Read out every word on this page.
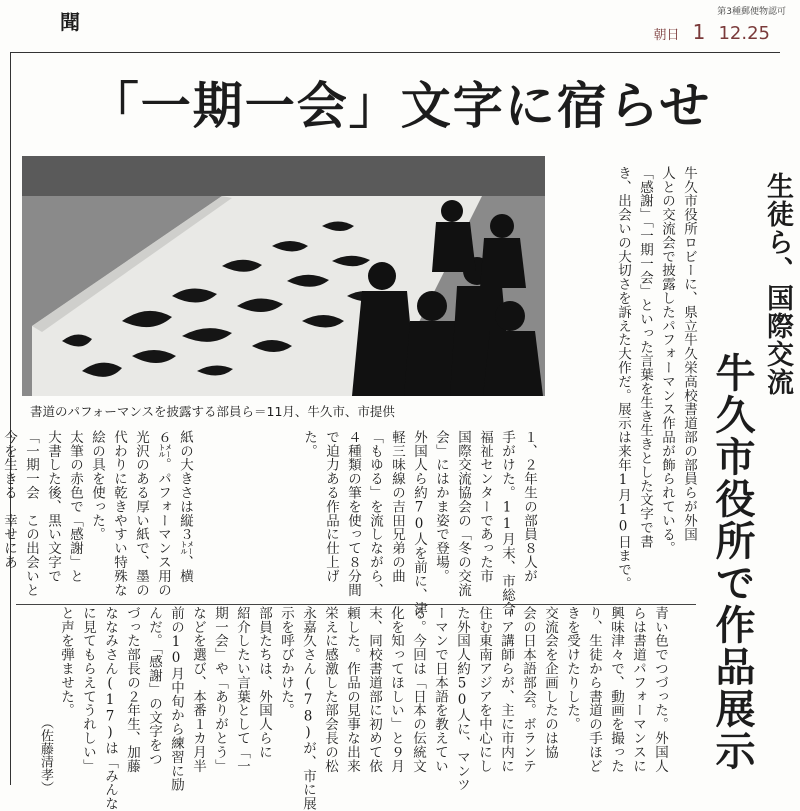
聞	第3種郵便物認可
朝日 1 12.25
「一期一会」文字に宿らせ
書道のパフォーマンスを披露する部員ら＝11月、牛久市、市提供
生徒ら、国際交流
牛久市役所で作品展示
牛久市役所ロビーに、県立牛久栄高校書道部の部員らが外国
人との交流会で披露したパフォーマンス作品が飾られている。
「感謝」「一期一会」といった言葉を生き生きとした文字で書
き、出会いの大切さを訴えた大作だ。展示は来年1月10日まで。
１、２年生の部員８人が
手がけた。11月末、市総合
福祉センターであった市
国際交流協会の「冬の交流
会」にはかま姿で登場。
外国人ら約70人を前に、津
軽三味線の吉田兄弟の曲
「もゆる」を流しながら、
４種類の筆を使って８分間
で迫力ある作品に仕上げ
た。
紙の大きさは縦３㍍、横
６㍍。パフォーマンス用の
光沢のある厚い紙で、墨の
代わりに乾きやすい特殊な
絵の具を使った。
太筆の赤色で「感謝」と
大書した後、黒い文字で
「一期一会　この出会いと
今を生きる　幸せにあ
青い色でつづった。外国人
らは書道パフォーマンスに
興味津々で、動画を撮った
り、生徒から書道の手ほど
きを受けたりした。
交流会を企画したのは協
会の日本語部会。ボランテ
ィア講師らが、主に市内に
住む東南アジアを中心にし
た外国人約50人に、マンツ
ーマンで日本語を教えてい
る。今回は「日本の伝統文
化を知ってほしい」と９月
末、同校書道部に初めて依
頼した。作品の見事な出来
栄えに感激した部会長の松
永嘉久さん(78)が、市に展
示を呼びかけた。
部員たちは、外国人らに
紹介したい言葉として「一
期一会」や「ありがとう」
などを選び、本番１カ月半
前の10月中旬から練習に励
んだ。「感謝」の文字をつ
づった部長の２年生、加藤
ななみさん(17)は「みんな
に見てもらえてうれしい」
と声を弾ませた。
（佐藤清孝）
